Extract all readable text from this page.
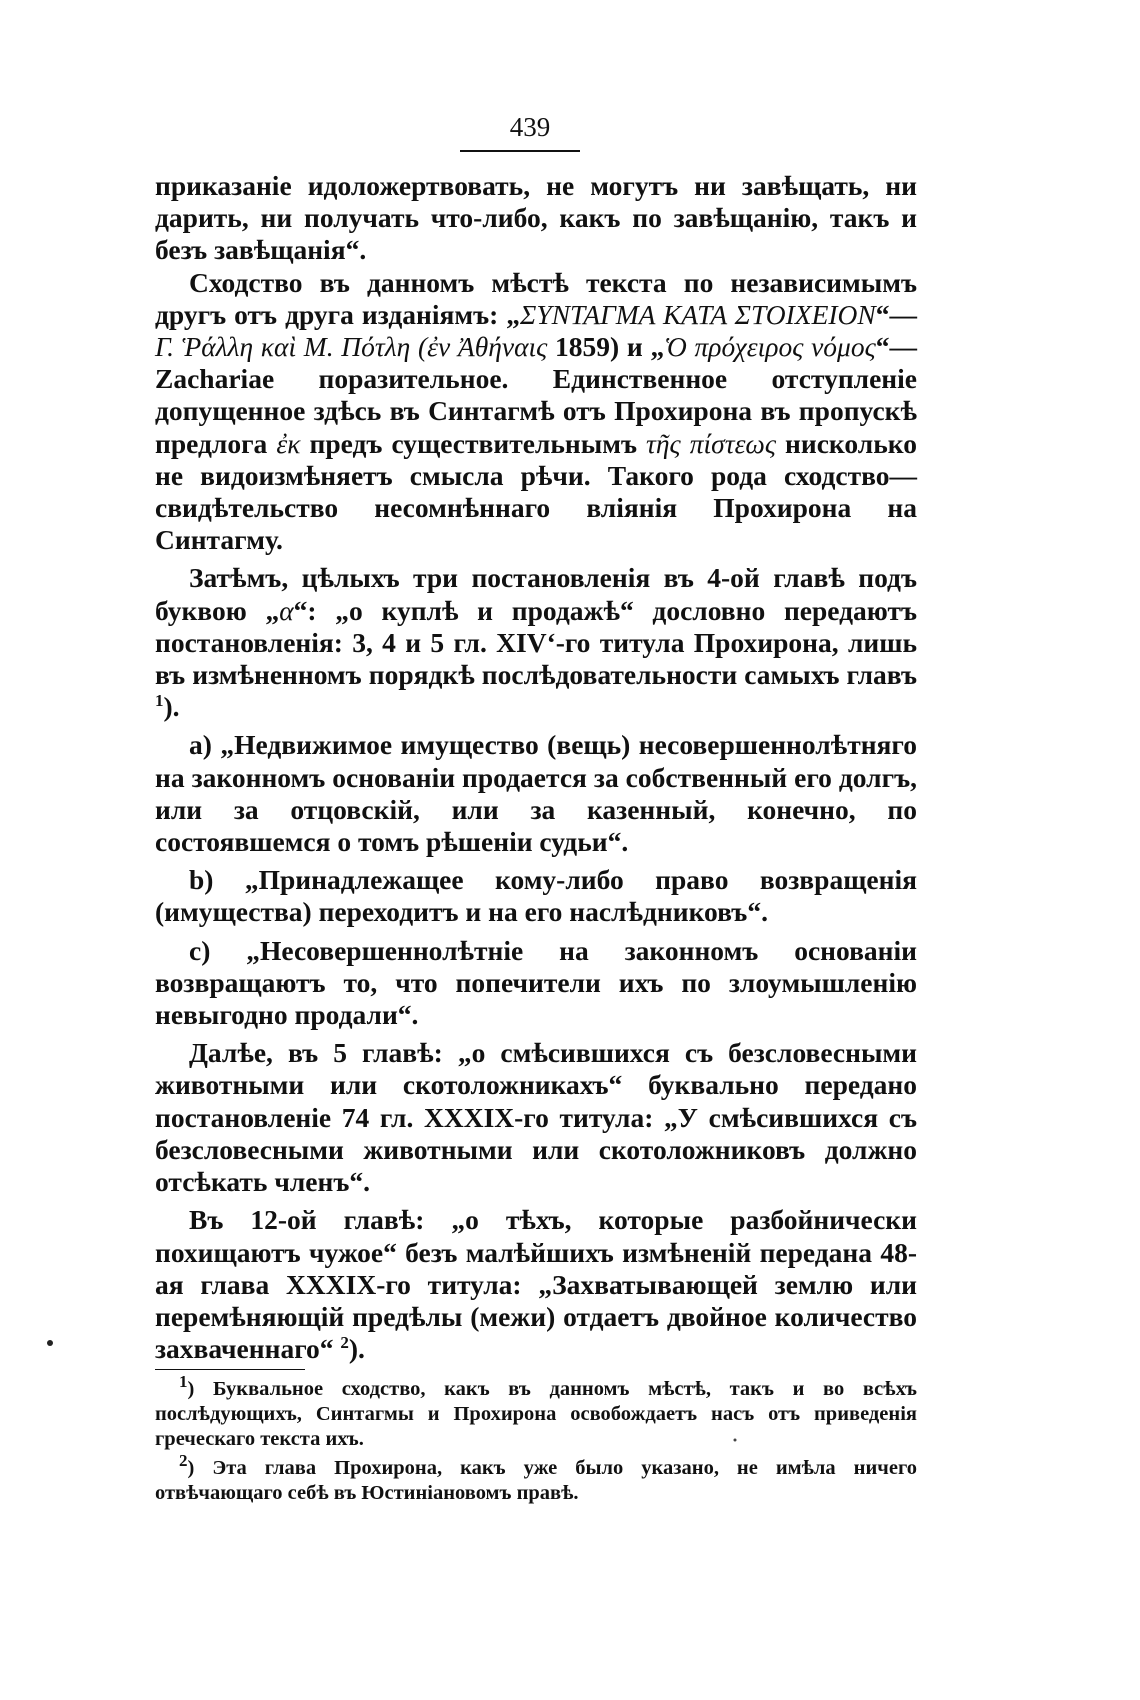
439

приказаніе идоложертвовать, не могутъ ни завѣщать, ни дарить, ни получать что-либо, какъ по завѣщанію, такъ и безъ завѣщанія“.

Сходство въ данномъ мѣстѣ текста по независимымъ другъ отъ друга изданіямъ: „ΣΥΝΤΑΓΜΑ ΚΑΤΑ ΣΤΟΙΧΕΙΟΝ“—Γ. Ῥάλλη καὶ Μ. Πότλη (ἐν Ἀθήναις 1859) и „Ὁ πρόχειρος νόμος“—Zachariae поразительное. Единственное отступленіе допущенное здѣсь въ Синтагмѣ отъ Прохирона въ пропускѣ предлога ἐκ предъ существительнымъ τῆς πίστεως нисколько не видоизмѣняетъ смысла рѣчи. Такого рода сходство—свидѣтельство несомнѣннаго вліянія Прохирона на Синтагму.

Затѣмъ, цѣлыхъ три постановленія въ 4-ой главѣ подъ буквою „α“: „о куплѣ и продажѣ“ дословно передаютъ постановленія: 3, 4 и 5 гл. XIVʻ-го титула Прохирона, лишь въ измѣненномъ порядкѣ послѣдовательности самыхъ главъ $^1$).

a) „Недвижимое имущество (вещь) несовершеннолѣтняго на законномъ основаніи продается за собственный его долгъ, или за отцовскій, или за казенный, конечно, по состоявшемся о томъ рѣшеніи судьи“.

b) „Принадлежащее кому-либо право возвращенія (имущества) переходитъ и на его наслѣдниковъ“.

c) „Несовершеннолѣтніе на законномъ основаніи возвращаютъ то, что попечители ихъ по злоумышленію невыгодно продали“.

Далѣе, въ 5 главѣ: „о смѣсившихся съ безсловесными животными или скотоложникахъ“ буквально передано постановленіе 74 гл. XXXIX-го титула: „У смѣсившихся съ безсловесными животными или скотоложниковъ должно отсѣкать членъ“.

Въ 12-ой главѣ: „о тѣхъ, которые разбойнически похищаютъ чужое“ безъ малѣйшихъ измѣненій передана 48-ая глава XXXIX-го титула: „Захватывающей землю или перемѣняющій предѣлы (межи) отдаетъ двойное количество захваченнаго“ $^2$).

$^1$) Буквальное сходство, какъ въ данномъ мѣстѣ, такъ и во всѣхъ послѣдующихъ, Синтагмы и Прохирона освобождаетъ насъ отъ приведенія греческаго текста ихъ.

$^2$) Эта глава Прохирона, какъ уже было указано, не имѣла ничего отвѣчающаго себѣ въ Юстиніановомъ правѣ.
